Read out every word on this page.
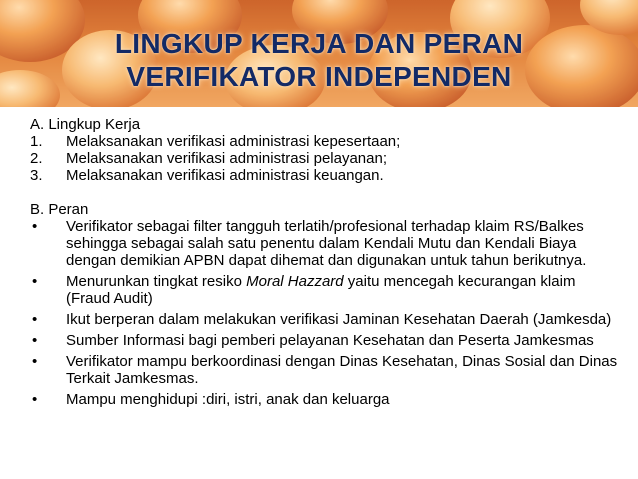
LINGKUP KERJA DAN PERAN
VERIFIKATOR INDEPENDEN
A. Lingkup Kerja
1. Melaksanakan verifikasi administrasi kepesertaan;
2. Melaksanakan verifikasi administrasi pelayanan;
3. Melaksanakan verifikasi administrasi keuangan.
B. Peran
• Verifikator sebagai filter tangguh terlatih/profesional terhadap klaim RS/Balkes sehingga sebagai salah satu penentu dalam Kendali Mutu dan Kendali Biaya dengan demikian APBN dapat dihemat dan digunakan untuk tahun berikutnya.
• Menurunkan tingkat resiko Moral Hazzard yaitu mencegah kecurangan klaim (Fraud Audit)
• Ikut berperan dalam melakukan verifikasi Jaminan Kesehatan Daerah (Jamkesda)
• Sumber Informasi bagi pemberi pelayanan Kesehatan dan Peserta Jamkesmas
• Verifikator mampu berkoordinasi dengan Dinas Kesehatan, Dinas Sosial dan Dinas Terkait Jamkesmas.
• Mampu menghidupi :diri, istri, anak dan keluarga
